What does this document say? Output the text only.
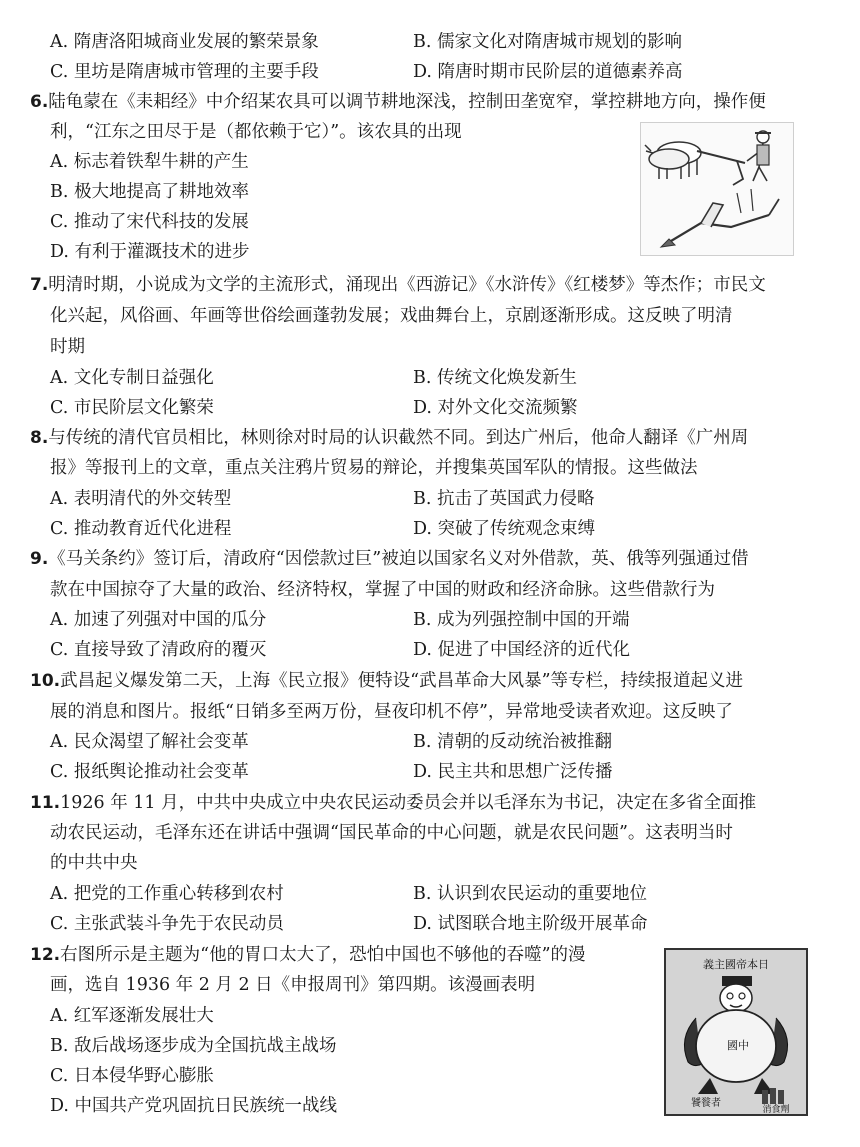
A. 隋唐洛阳城商业发展的繁荣景象	B. 儒家文化对隋唐城市规划的影响
C. 里坊是隋唐城市管理的主要手段	D. 隋唐时期市民阶层的道德素养高
6.陆龟蒙在《耒耜经》中介绍某农具可以调节耕地深浅，控制田垄宽窄，掌控耕地方向，操作便
利，“江东之田尽于是（都依赖于它）”。该农具的出现
A. 标志着铁犁牛耕的产生
B. 极大地提高了耕地效率
C. 推动了宋代科技的发展
D. 有利于灌溉技术的进步
7.明清时期，小说成为文学的主流形式，涌现出《西游记》《水浒传》《红楼梦》等杰作；市民文
化兴起，风俗画、年画等世俗绘画蓬勃发展；戏曲舞台上，京剧逐渐形成。这反映了明清
时期
A. 文化专制日益强化	B. 传统文化焕发新生
C. 市民阶层文化繁荣	D. 对外文化交流频繁
8.与传统的清代官员相比，林则徐对时局的认识截然不同。到达广州后，他命人翻译《广州周
报》等报刊上的文章，重点关注鸦片贸易的辩论，并搜集英国军队的情报。这些做法
A. 表明清代的外交转型	B. 抗击了英国武力侵略
C. 推动教育近代化进程	D. 突破了传统观念束缚
9.《马关条约》签订后，清政府“因偿款过巨”被迫以国家名义对外借款，英、俄等列强通过借
款在中国掠夺了大量的政治、经济特权，掌握了中国的财政和经济命脉。这些借款行为
A. 加速了列强对中国的瓜分	B. 成为列强控制中国的开端
C. 直接导致了清政府的覆灭	D. 促进了中国经济的近代化
10.武昌起义爆发第二天，上海《民立报》便特设“武昌革命大风暴”等专栏，持续报道起义进
展的消息和图片。报纸“日销多至两万份，昼夜印机不停”，异常地受读者欢迎。这反映了
A. 民众渴望了解社会变革	B. 清朝的反动统治被推翻
C. 报纸舆论推动社会变革	D. 民主共和思想广泛传播
11.1926 年 11 月，中共中央成立中央农民运动委员会并以毛泽东为书记，决定在多省全面推
动农民运动，毛泽东还在讲话中强调“国民革命的中心问题，就是农民问题”。这表明当时
的中共中央
A. 把党的工作重心转移到农村	B. 认识到农民运动的重要地位
C. 主张武装斗争先于农民动员	D. 试图联合地主阶级开展革命
12.右图所示是主题为“他的胃口太大了，恐怕中国也不够他的吞噬”的漫
画，选自 1936 年 2 月 2 日《申报周刊》第四期。该漫画表明
A. 红军逐渐发展壮大
B. 敌后战场逐步成为全国抗战主战场
C. 日本侵华野心膨胀
D. 中国共产党巩固抗日民族统一战线
義主國帝本日
國中
饕餮者
消食劑
